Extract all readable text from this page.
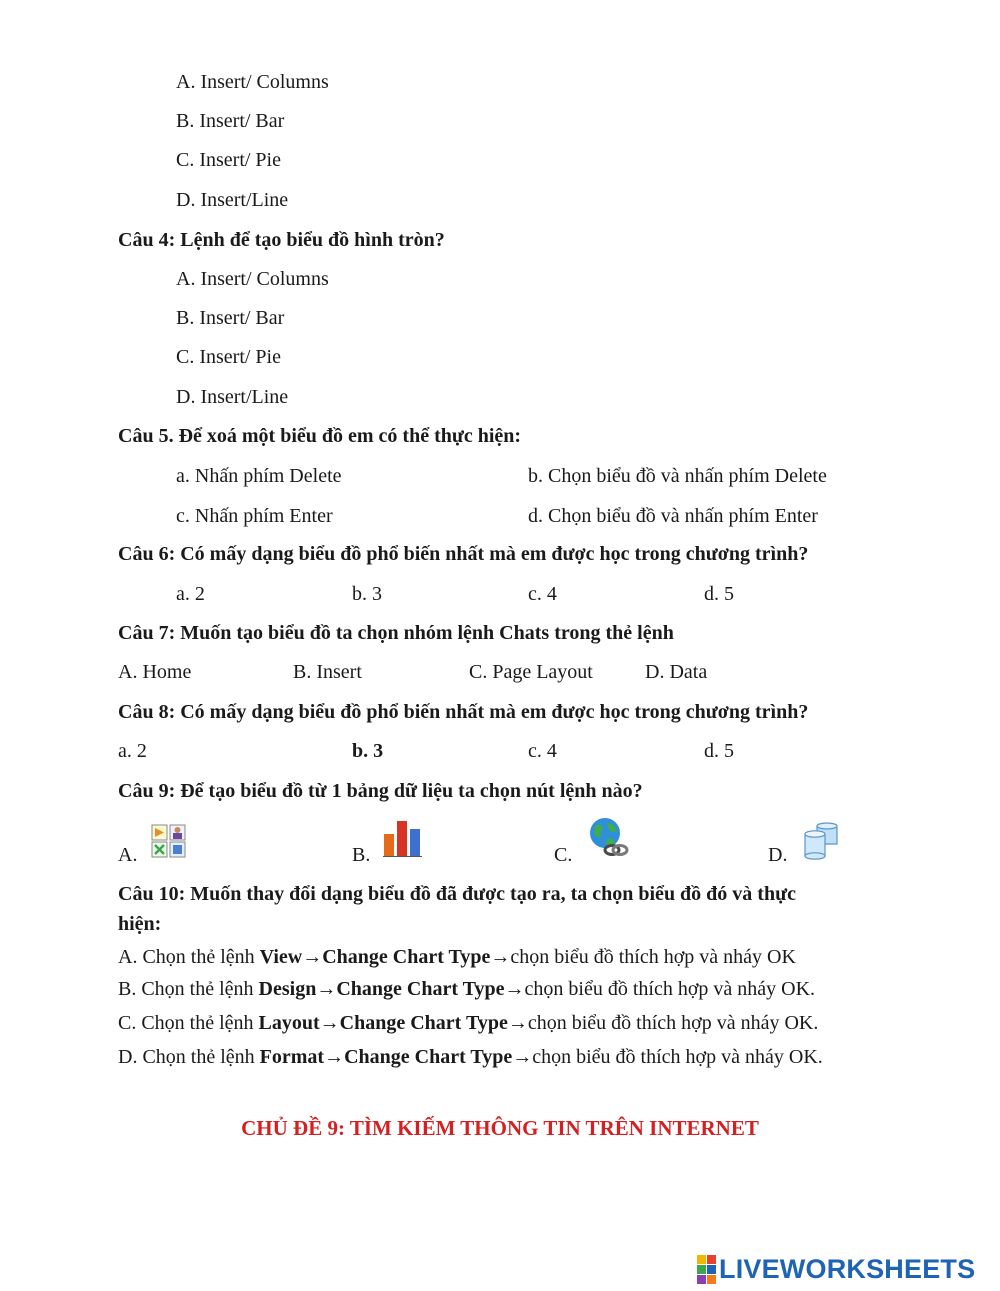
A. Insert/ Columns
B. Insert/ Bar
C. Insert/ Pie
D. Insert/Line
Câu 4: Lệnh để tạo biểu đồ hình tròn?
A. Insert/ Columns
B. Insert/ Bar
C. Insert/ Pie
D. Insert/Line
Câu 5. Để xoá một biểu đồ em có thể thực hiện:
a. Nhấn phím Delete	b. Chọn biểu đồ và nhấn phím Delete
c. Nhấn phím Enter	d. Chọn biểu đồ và nhấn phím Enter
Câu 6: Có mấy dạng biểu đồ phổ biến nhất mà em được học trong chương trình?
a. 2	b. 3	c. 4	d. 5
Câu 7: Muốn tạo biểu đồ ta chọn nhóm lệnh Chats trong thẻ lệnh
A. Home	B. Insert	C. Page Layout	D. Data
Câu 8: Có mấy dạng biểu đồ phổ biến nhất mà em được học trong chương trình?
a. 2	b. 3	c. 4	d. 5
Câu 9: Để tạo biểu đồ từ 1 bảng dữ liệu ta chọn nút lệnh nào?
A.	B.	C.	D.
Câu 10: Muốn thay đổi dạng biểu đồ đã được tạo ra, ta chọn biểu đồ đó và thực
hiện:
A. Chọn thẻ lệnh View→Change Chart Type→chọn biểu đồ thích hợp và nháy OK
B. Chọn thẻ lệnh Design→Change Chart Type→chọn biểu đồ thích hợp và nháy OK.
C. Chọn thẻ lệnh Layout→Change Chart Type→chọn biểu đồ thích hợp và nháy OK.
D. Chọn thẻ lệnh Format→Change Chart Type→chọn biểu đồ thích hợp và nháy OK.
CHỦ ĐỀ 9: TÌM KIẾM THÔNG TIN TRÊN INTERNET
LIVEWORKSHEETS
